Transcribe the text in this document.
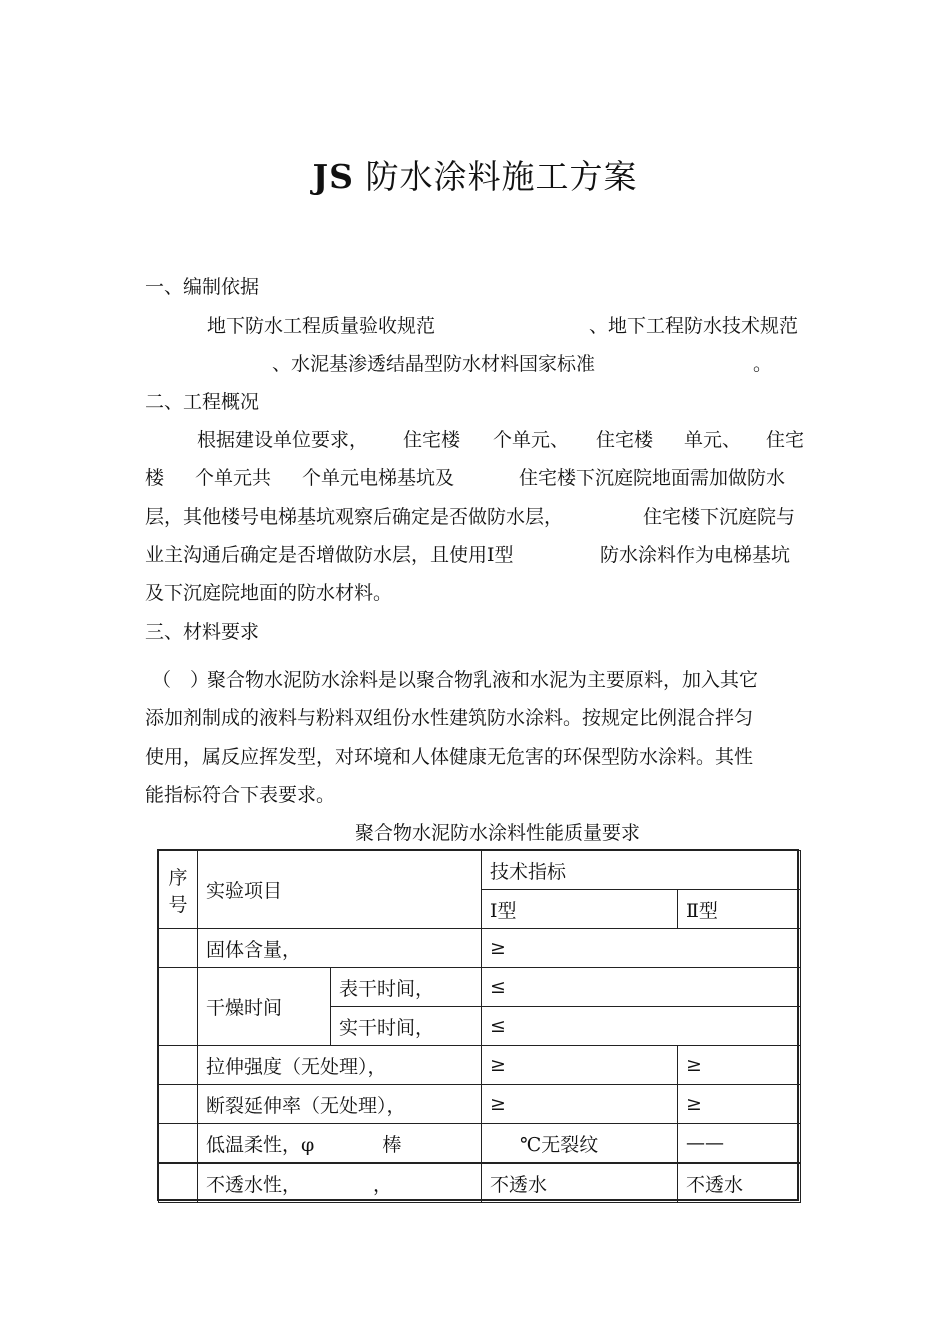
JS 防水涂料施工方案
一、编制依据
地下防水工程质量验收规范	、地下工程防水技术规范
、水泥基渗透结晶型防水材料国家标准	。
二、工程概况
根据建设单位要求， 住宅楼 个单元、 住宅楼 单元、 住宅
楼 个单元共 个单元电梯基坑及	住宅楼下沉庭院地面需加做防水
层，其他楼号电梯基坑观察后确定是否做防水层，	住宅楼下沉庭院与
业主沟通后确定是否增做防水层，且使用Ⅰ型	防水涂料作为电梯基坑
及下沉庭院地面的防水材料。
三、材料要求
（　）
聚合物水泥防水涂料是以聚合物乳液和水泥为主要原料，加入其它
添加剂制成的液料与粉料双组份水性建筑防水涂料。按规定比例混合拌匀
使用，属反应挥发型，对环境和人体健康无危害的环保型防水涂料。其性
能指标符合下表要求。
聚合物水泥防水涂料性能质量要求
序
号	实验项目		技术指标	
			Ⅰ型	Ⅱ型
	固体含量，		≥	
	干燥时间	表干时间，	≤	
		实干时间，	≤	
	拉伸强度（无处理），		≥	≥
	断裂延伸率（无处理），		≥	≥
	低温柔性，φ 棒		℃无裂纹	——
	不透水性， ，		不透水	不透水
